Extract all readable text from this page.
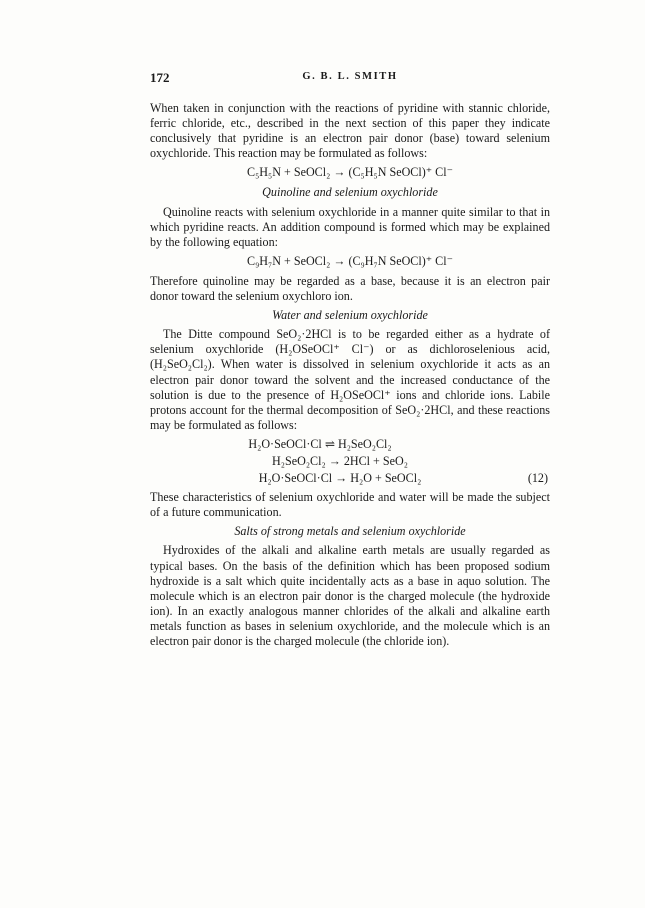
172	G. B. L. SMITH

When taken in conjunction with the reactions of pyridine with stannic chloride, ferric chloride, etc., described in the next section of this paper they indicate conclusively that pyridine is an electron pair donor (base) toward selenium oxychloride. This reaction may be formulated as follows:

C₅H₅N + SeOCl₂ → (C₅H₅N SeOCl)⁺ Cl⁻
Quinoline and selenium oxychloride

Quinoline reacts with selenium oxychloride in a manner quite similar to that in which pyridine reacts. An addition compound is formed which may be explained by the following equation:

C₉H₇N + SeOCl₂ → (C₉H₇N SeOCl)⁺ Cl⁻

Therefore quinoline may be regarded as a base, because it is an electron pair donor toward the selenium oxychloro ion.

Water and selenium oxychloride

The Ditte compound SeO₂·2HCl is to be regarded either as a hydrate of selenium oxychloride (H₂OSeOCl⁺ Cl⁻) or as dichloroselenious acid, (H₂SeO₂Cl₂). When water is dissolved in selenium oxychloride it acts as an electron pair donor toward the solvent and the increased conductance of the solution is due to the presence of H₂OSeOCl⁺ ions and chloride ions. Labile protons account for the thermal decomposition of SeO₂·2HCl, and these reactions may be formulated as follows:

H₂O·SeOCl·Cl ⇌ H₂SeO₂Cl₂
H₂SeO₂Cl₂ → 2HCl + SeO₂
H₂O·SeOCl·Cl → H₂O + SeOCl₂	(12)

These characteristics of selenium oxychloride and water will be made the subject of a future communication.

Salts of strong metals and selenium oxychloride

Hydroxides of the alkali and alkaline earth metals are usually regarded as typical bases. On the basis of the definition which has been proposed sodium hydroxide is a salt which quite incidentally acts as a base in aquo solution. The molecule which is an electron pair donor is the charged molecule (the hydroxide ion). In an exactly analogous manner chlorides of the alkali and alkaline earth metals function as bases in selenium oxychloride, and the molecule which is an electron pair donor is the charged molecule (the chloride ion).
